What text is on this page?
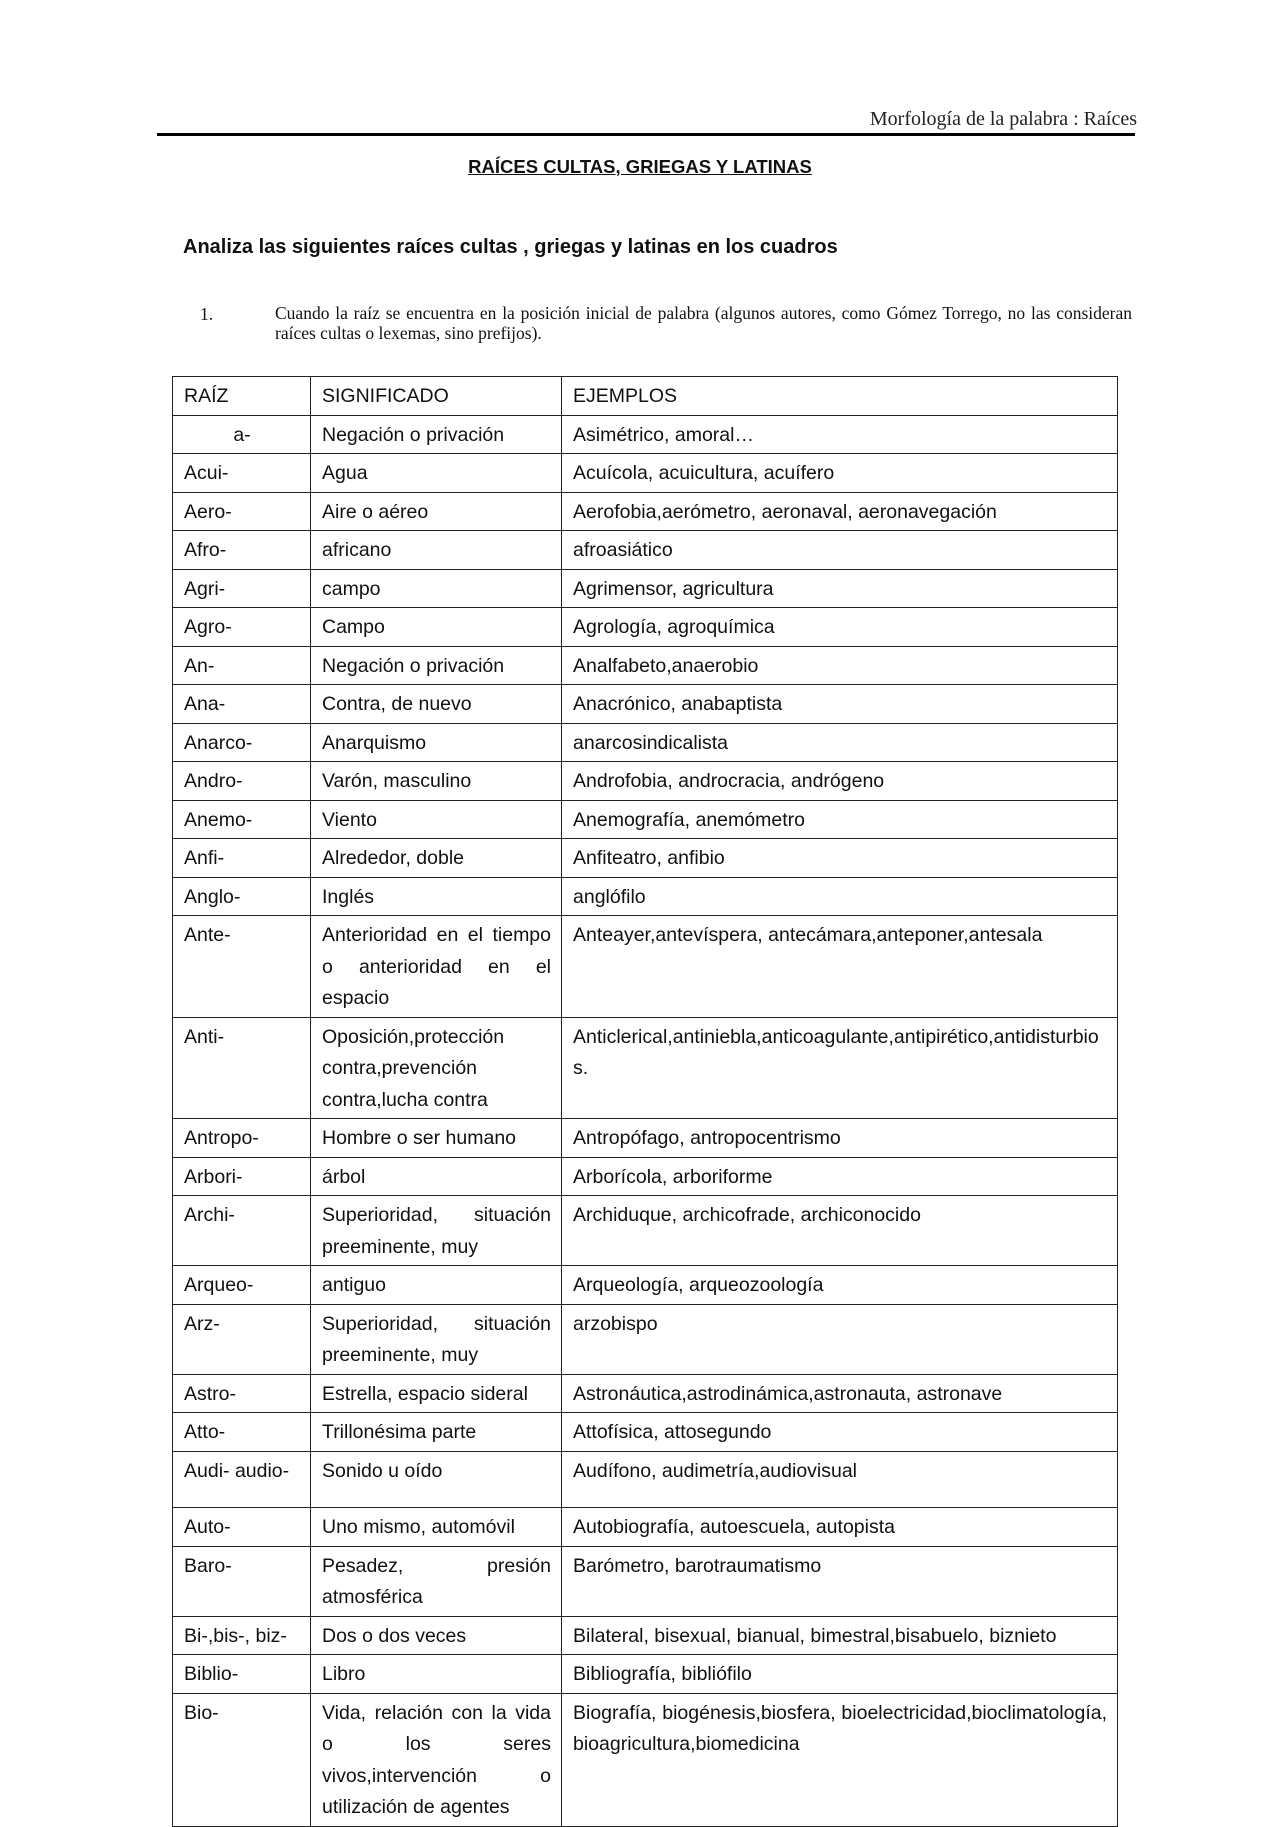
Morfología de la palabra : Raíces
RAÍCES CULTAS, GRIEGAS Y LATINAS
Analiza las siguientes raíces cultas , griegas y latinas en los cuadros
1.	Cuando la raíz se encuentra en la posición inicial de palabra (algunos autores, como Gómez Torrego, no las consideran raíces cultas o lexemas, sino prefijos).
RAÍZ	SIGNIFICADO	EJEMPLOS
a-	Negación o privación	Asimétrico, amoral…
Acui-	Agua	Acuícola, acuicultura, acuífero
Aero-	Aire o aéreo	Aerofobia,aerómetro, aeronaval, aeronavegación
Afro-	africano	afroasiático
Agri-	campo	Agrimensor, agricultura
Agro-	Campo	Agrología, agroquímica
An-	Negación o privación	Analfabeto,anaerobio
Ana-	Contra, de nuevo	Anacrónico, anabaptista
Anarco-	Anarquismo	anarcosindicalista
Andro-	Varón, masculino	Androfobia, androcracia, andrógeno
Anemo-	Viento	Anemografía, anemómetro
Anfi-	Alrededor, doble	Anfiteatro, anfibio
Anglo-	Inglés	anglófilo
Ante-	Anterioridad en el tiempo o anterioridad en el espacio	Anteayer,antevíspera, antecámara,anteponer,antesala
Anti-	Oposición,protección contra,prevención contra,lucha contra	Anticlerical,antiniebla,anticoagulante,antipirético,antidisturbios.
Antropo-	Hombre o ser humano	Antropófago, antropocentrismo
Arbori-	árbol	Arborícola, arboriforme
Archi-	Superioridad, situación preeminente, muy	Archiduque, archicofrade, archiconocido
Arqueo-	antiguo	Arqueología, arqueozoología
Arz-	Superioridad, situación preeminente, muy	arzobispo
Astro-	Estrella, espacio sideral	Astronáutica,astrodinámica,astronauta, astronave
Atto-	Trillonésima parte	Attofísica, attosegundo
Audi- audio-	Sonido u oído	Audífono, audimetría,audiovisual
Auto-	Uno mismo, automóvil	Autobiografía, autoescuela, autopista
Baro-	Pesadez, presión atmosférica	Barómetro, barotraumatismo
Bi-,bis-, biz-	Dos o dos veces	Bilateral, bisexual, bianual, bimestral,bisabuelo, biznieto
Biblio-	Libro	Bibliografía, bibliófilo
Bio-	Vida, relación con la vida o los seres vivos,intervención o utilización de agentes	Biografía, biogénesis,biosfera, bioelectricidad,bioclimatología,bioagricultura,biomedicina
